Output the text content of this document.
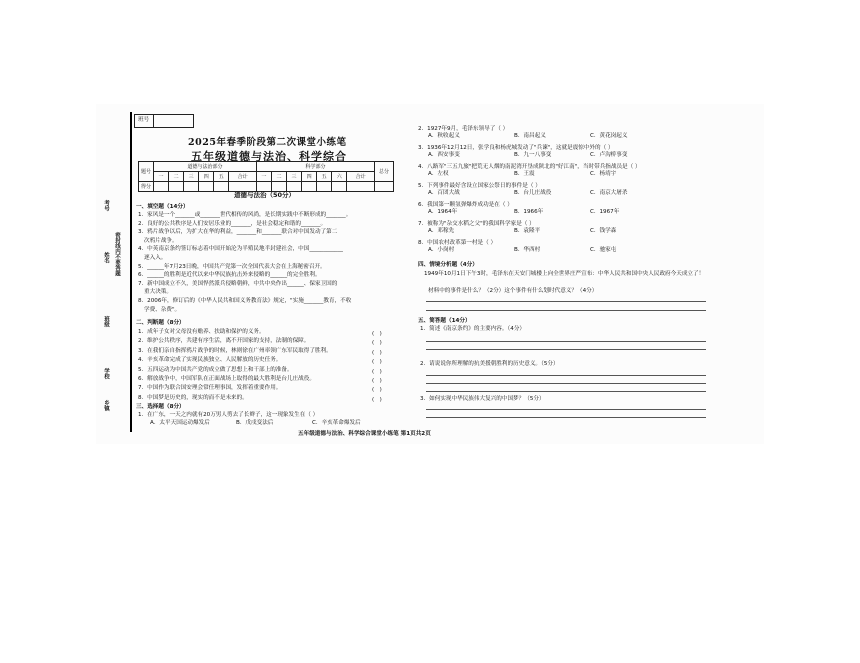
考号
姓名 密封线内不要答题
班级
学校
乡镇
班号
2025年春季阶段第二次课堂小练笔
五年级道德与法治、科学综合
题号	道德与法治部分						科学部分							总分
	一	二	三	四	五	合计	一	二	三	四	五	六	合计	
得分														
道德与法治（50分）
一、填空题（14分）
1．家风是一个_______或_______世代相传的风尚，是长期实践中不断形成的_______。
2．良好的公共秩序是人们安居乐业的_______，是社会稳定和谐的_______。
3．鸦片战争以后，为扩大在华的利益，_______和_______联合对中国发动了第二
次鸦片战争。
4．中英南京条约签订标志着中国开始沦为半殖民地半封建社会，中国____________
逐入入。
5．______年7月23日晚，中国共产党第一次全国代表大会在上海秘密召开。
6．______的胜利是近代以来中华民族抗击外来侵略的______的完全胜利。
7．新中国成立不久，美国悍然派兵侵略朝鲜，中共中央作出______、保家卫国的
重大决策。
8．2006年，修订后的《中华人民共和国义务教育法》规定，"实施_______教育，不收
学费、杂费"。
二、判断题（8分）
1．成年子女对父母没有赡养、扶助和保护的义务。
2．维护公共秩序，共建有序生活，离不开国家的支持，法制的保障。
3．在我们亲自指挥鸦片战争的时候，林则徐在广州率领广东军民取得了胜利。
4．辛亥革命完成了实现民族独立、人民解放的历史任务。
5．五四运动为中国共产党的成立做了思想上和干部上的准备。
6．解放战争中，中国军队在正面战场上取得的最大胜利是台儿庄战役。
7．中国作为联合国安理会常任理事国，发挥着重要作用。
8．中国梦是历史的，现实的而不是未来的。
(　)
(　)
(　)
(　)
(　)
(　)
(　)
(　)
三、选择题（8分）
1．在广东，一天之内就有20万男人剪去了长辫子，这一现象发生在（ ）
A．太平天国运动爆发后	B．戊戌变法后	C．辛亥革命爆发后
2．1927年9月，毛泽东领导了（ ）
A．秋收起义	B．南昌起义	C．黄花岗起义
3．1936年12月12日，张学良和杨虎城发动了"兵谏"，这就是震惊中外的（ ）
A．西安事变	B．九一八事变	C．卢沟桥事变
4．八路军"三五九旅"把荒无人烟的南泥湾开垦成陕北的"好江南"，当时带兵指战员是（ ）
A．左权	B．王震	C．杨靖宇
5．下列事件最好含设立国家公祭日的事件是（ ）
A．百团大战	B．台儿庄战役	C．南京大屠杀
6．我国第一颗氢弹爆炸成功是在（ ）
A．1964年	B．1966年	C．1967年
7．被称为"杂交水稻之父"的我国科学家是（ ）
A．邓稼先	B．袁隆平	C．钱学森
8．中国农村改革第一村是（ ）
A．小岗村	B．华西村	C．驰家屯
四、情境分析题（4分）
1949年10月1日下午3时，毛泽东在天安门城楼上向全世界庄严宣布：中华人民共和国中央人民政府今天成立了！
材料中的事件是什么？（2分）这个事件有什么划时代意义？（4分）
五、简答题（14分）
1．简述《南京条约》的主要内容。（4分）
2．请说说你所理解的抗美援朝胜利的历史意义。（5分）
3．如何实现中华民族伟大复兴的中国梦？（5分）
五年级道德与法治、科学综合课堂小练笔 第1页共2页
